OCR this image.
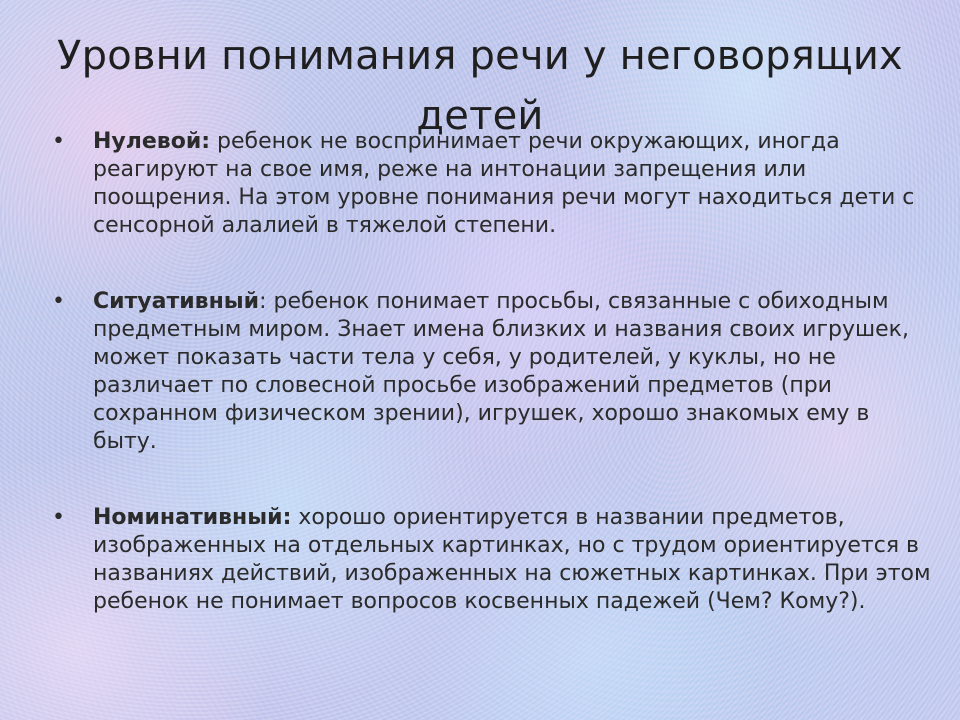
Уровни понимания речи у неговорящих детей
• Нулевой: ребенок не воспринимает речи окружающих, иногда реагируют на свое имя, реже на интонации запрещения или поощрения. На этом уровне понимания речи могут находиться дети с сенсорной алалией в тяжелой степени.
• Ситуативный: ребенок понимает просьбы, связанные с обиходным предметным миром. Знает имена близких и названия своих игрушек, может показать части тела у себя, у родителей, у куклы, но не различает по словесной просьбе изображений предметов (при сохранном физическом зрении), игрушек, хорошо знакомых ему в быту.
• Номинативный: хорошо ориентируется в названии предметов, изображенных на отдельных картинках, но с трудом ориентируется в названиях действий, изображенных на сюжетных картинках. При этом ребенок не понимает вопросов косвенных падежей (Чем? Кому?).
